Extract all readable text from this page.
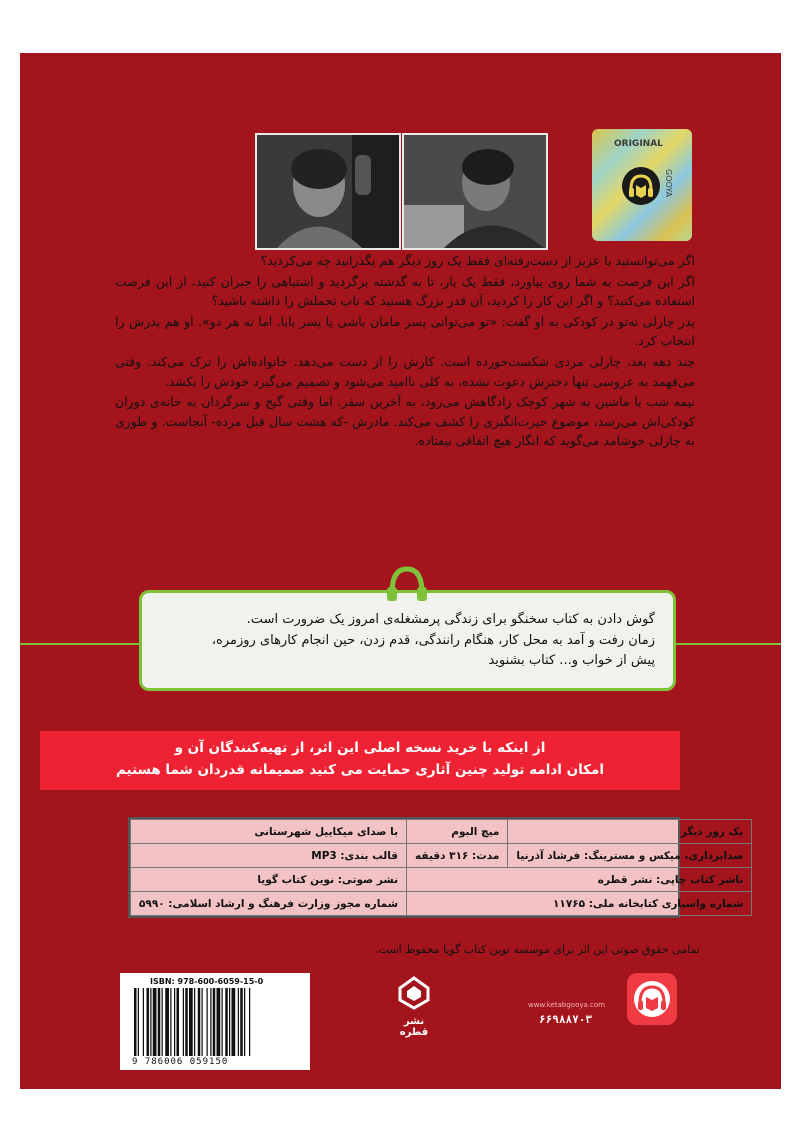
ORIGINAL
GOOYA

اگر می‌توانستید با عزیز از دست‌رفته‌ای فقط یک روز دیگر هم بگذرانید چه می‌کردید؟

اگر این فرصت به شما روی بیاورد، فقط یک بار، تا به گذشته برگردید و اشتباهی را جبران کنید، از این فرصت استفاده می‌کنید؟ و اگر این کار را کردید، آن قدر بزرگ هستید که تاب تحملش را داشته باشید؟

پدر چارلی نه‌تو در کودکی به او گفت: «تو می‌توانی پسر مامان باشی یا پسر بابا. اما نه هر دو». او هم پدرش را انتخاب کرد.

چند دهه بعد، چارلی مردی شکست‌خورده است. کارش را از دست می‌دهد. خانواده‌اش را ترک می‌کند. وقتی می‌فهمد به عروسی تنها دخترش دعوت نشده، به کلی ناامید می‌شود و تصمیم می‌گیرد خودش را بکشد.

نیمه شب با ماشین به شهر کوچک زادگاهش می‌رود، به آخرین سفر. اما وقتی گیج و سرگردان به خانه‌ی دوران کودکی‌اش می‌رسد، موضوع حیرت‌انگیزی را کشف می‌کند. مادرش -که هشت سال قبل مرده- آنجاست. و طوری به چارلی خوشامد می‌گوید که انگار هیچ اتفاقی نیفتاده.

گوش دادن به کتاب سخنگو برای زندگی پرمشغله‌ی امروز یک ضرورت است.
زمان رفت و آمد به محل کار، هنگام رانندگی، قدم زدن، حین انجام کارهای روزمره،
پیش از خواب و... کتاب بشنوید
از اینکه با خرید نسخه اصلی این اثر، از تهیه‌کنندگان آن و
امکان ادامه تولید چنین آثاری حمایت می کنید صمیمانه قدردان شما هستیم
یک روز دیگر	میچ البوم	با صدای میکاییل شهرستانی
صدابرداری، میکس و مسترینگ: فرشاد آذرنیا	مدت: ۳۱۶ دقیقه	قالب بندی: MP3
ناشر کتاب چاپی: نشر قطره		نشر صوتی: نوین کتاب گویا
شماره واسپاری کتابخانه ملی: ۱۱۷۶۵		شماره مجوز وزارت فرهنگ و ارشاد اسلامی: ۵۹۹۰
تمامی حقوق صوتی این اثر برای موسسه نوین کتاب گویا محفوظ است.
ISBN: 978-600-6059-15-0
9 786006 059150
نشر قطره
www.ketabgooya.com
۶۶۹۸۸۷۰۳
